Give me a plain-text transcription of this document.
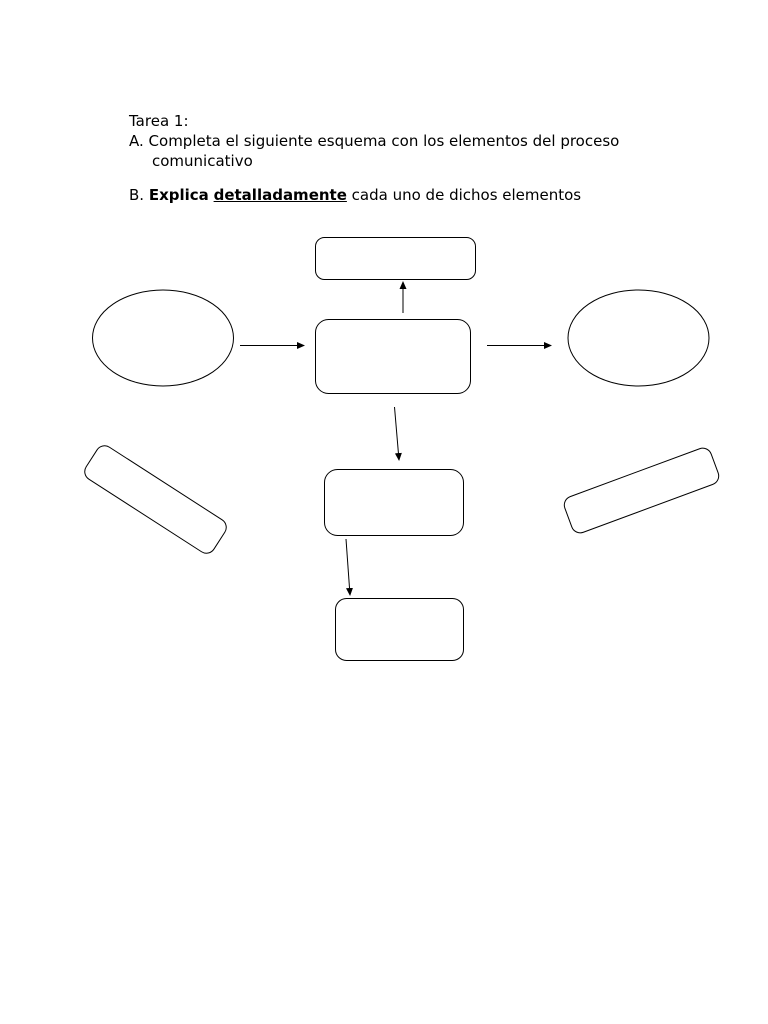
Tarea 1:

A. Completa el siguiente esquema con los elementos del proceso

comunicativo

B. Explica detalladamente cada uno de dichos elementos
